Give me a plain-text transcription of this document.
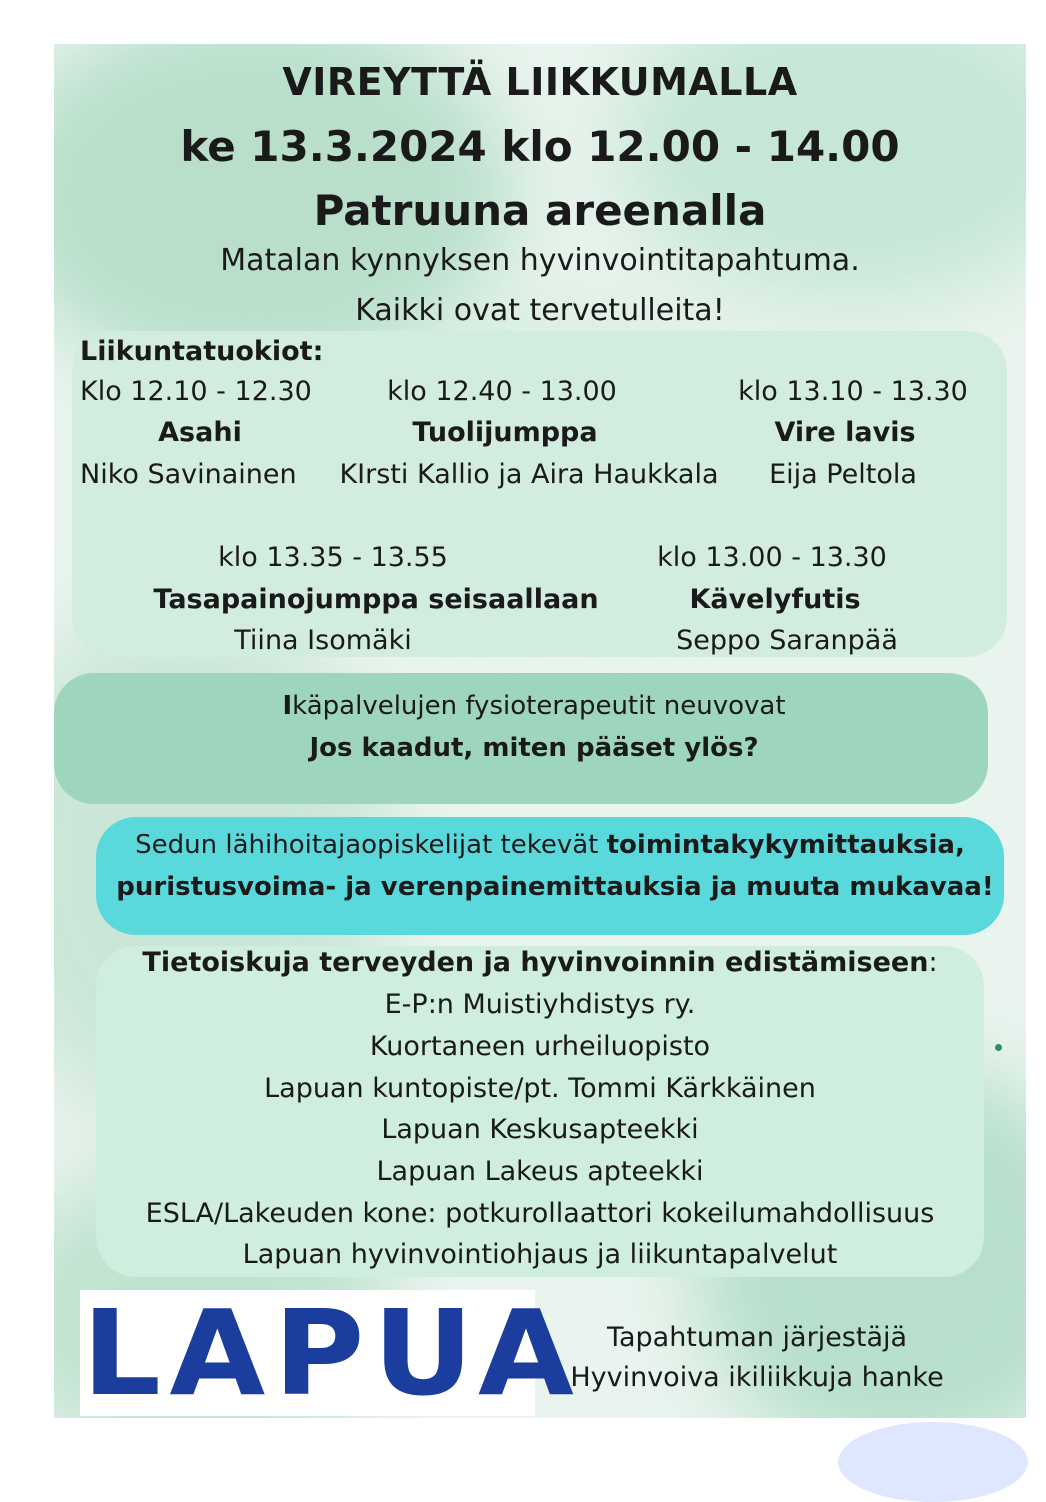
VIREYTTÄ LIIKKUMALLA
ke 13.3.2024 klo 12.00 - 14.00
Patruuna areenalla
Matalan kynnyksen hyvinvointitapahtuma.
Kaikki ovat tervetulleita!
Liikuntatuokiot:
Klo 12.10 - 12.30
Asahi
Niko Savinainen
klo 12.40 - 13.00
Tuolijumppa
KIrsti Kallio ja Aira Haukkala
klo 13.10 - 13.30
Vire lavis
Eija Peltola
klo 13.35 - 13.55
Tasapainojumppa seisaallaan
Tiina Isomäki
klo 13.00 - 13.30
Kävelyfutis
Seppo Saranpää
Ikäpalvelujen fysioterapeutit neuvovat
Jos kaadut, miten pääset ylös?
Sedun lähihoitajaopiskelijat tekevät toimintakykymittauksia,
puristusvoima- ja verenpainemittauksia ja muuta mukavaa!
Tietoiskuja terveyden ja hyvinvoinnin edistämiseen:
E-P:n Muistiyhdistys ry.
Kuortaneen urheiluopisto
Lapuan kuntopiste/pt. Tommi Kärkkäinen
Lapuan Keskusapteekki
Lapuan Lakeus apteekki
ESLA/Lakeuden kone: potkurollaattori kokeilumahdollisuus
Lapuan hyvinvointiohjaus ja liikuntapalvelut
LAPUA Tapahtuman järjestäjä
Hyvinvoiva ikiliikkuja hanke
